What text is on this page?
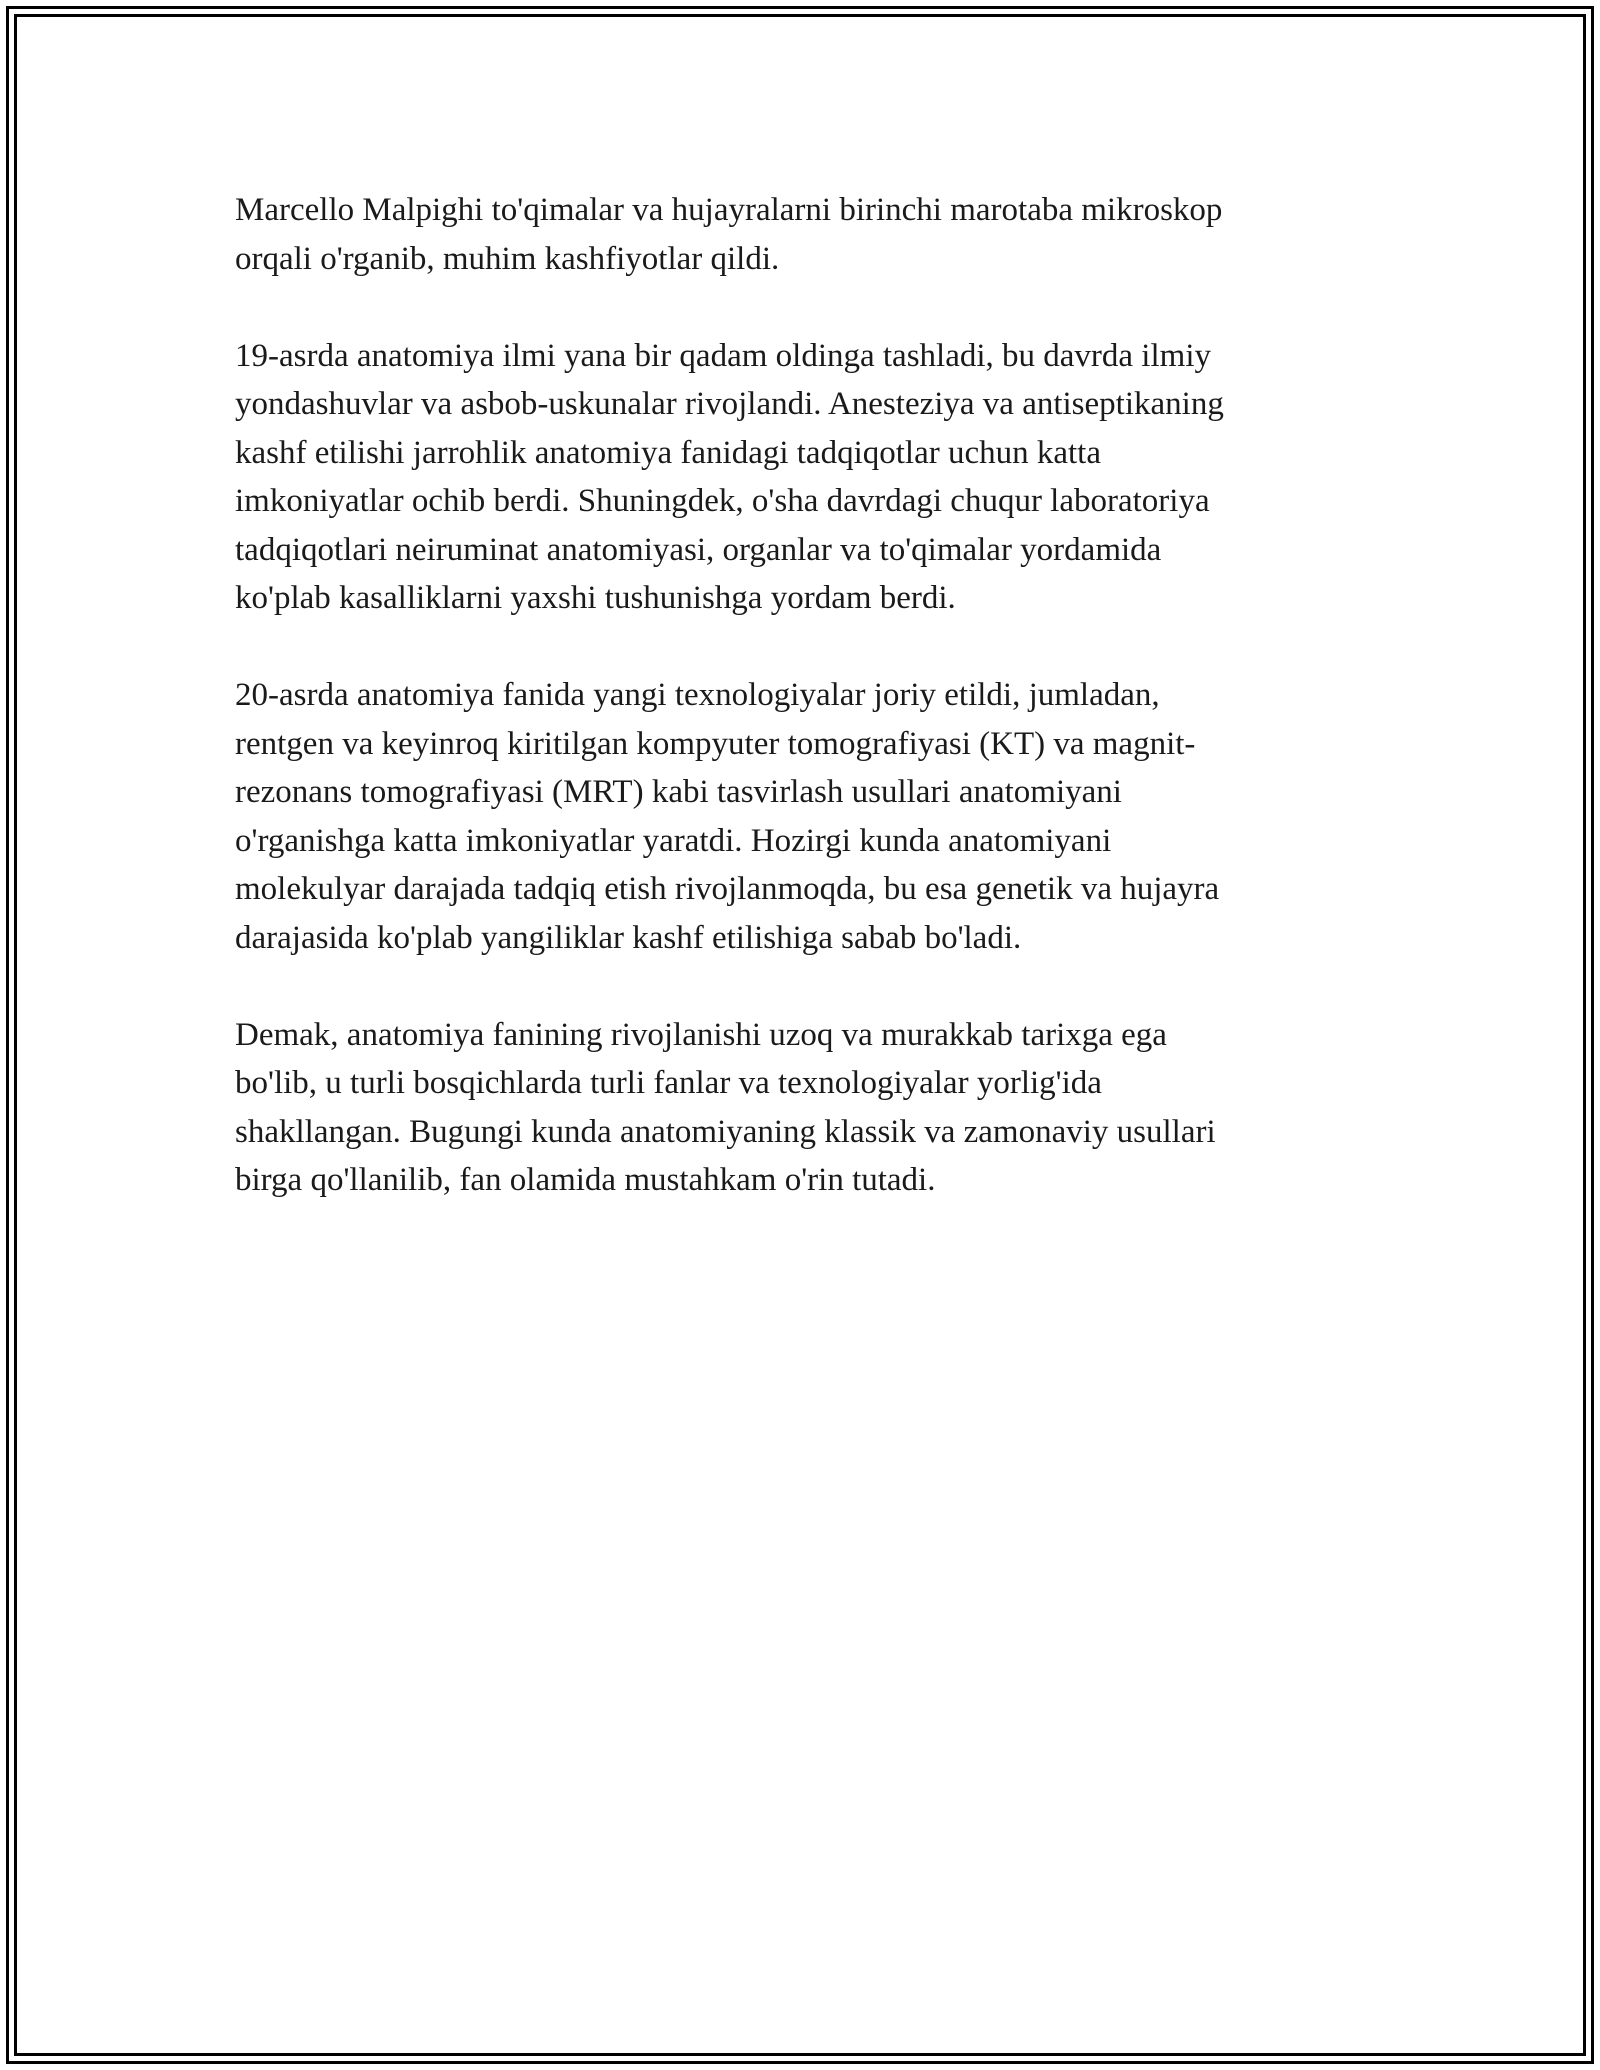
Marcello Malpighi to'qimalar va hujayralarni birinchi marotaba mikroskop
orqali o'rganib, muhim kashfiyotlar qildi.

19-asrda anatomiya ilmi yana bir qadam oldinga tashladi, bu davrda ilmiy
yondashuvlar va asbob-uskunalar rivojlandi. Anesteziya va antiseptikaning
kashf etilishi jarrohlik anatomiya fanidagi tadqiqotlar uchun katta
imkoniyatlar ochib berdi. Shuningdek, o'sha davrdagi chuqur laboratoriya
tadqiqotlari neiruminat anatomiyasi, organlar va to'qimalar yordamida
ko'plab kasalliklarni yaxshi tushunishga yordam berdi.

20-asrda anatomiya fanida yangi texnologiyalar joriy etildi, jumladan,
rentgen va keyinroq kiritilgan kompyuter tomografiyasi (KT) va magnit-
rezonans tomografiyasi (MRT) kabi tasvirlash usullari anatomiyani
o'rganishga katta imkoniyatlar yaratdi. Hozirgi kunda anatomiyani
molekulyar darajada tadqiq etish rivojlanmoqda, bu esa genetik va hujayra
darajasida ko'plab yangiliklar kashf etilishiga sabab bo'ladi.

Demak, anatomiya fanining rivojlanishi uzoq va murakkab tarixga ega
bo'lib, u turli bosqichlarda turli fanlar va texnologiyalar yorlig'ida
shakllangan. Bugungi kunda anatomiyaning klassik va zamonaviy usullari
birga qo'llanilib, fan olamida mustahkam o'rin tutadi.
